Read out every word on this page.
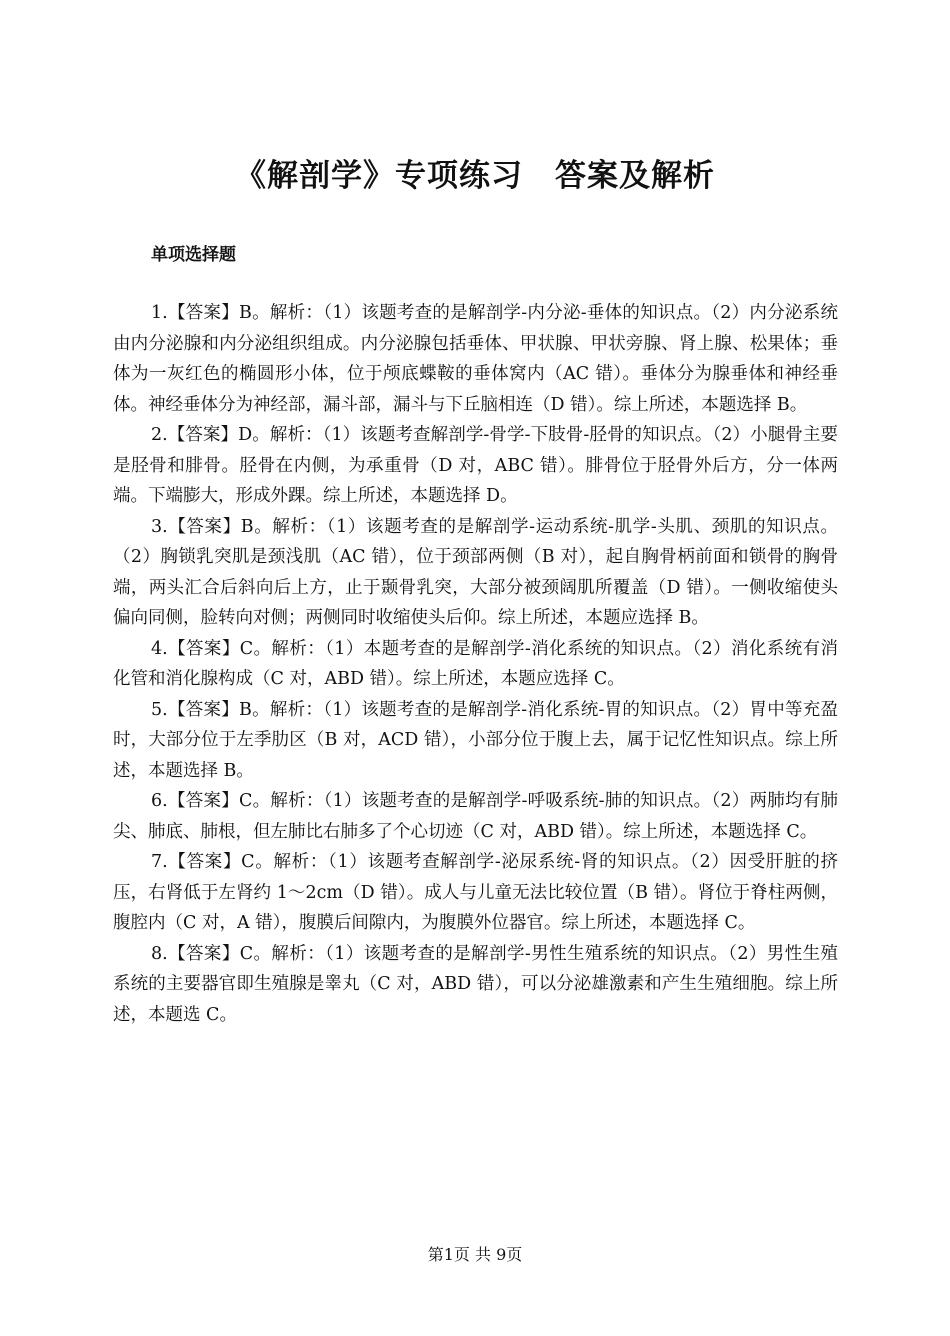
《解剖学》专项练习　答案及解析
单项选择题

1.【答案】B。解析：（1）该题考查的是解剖学-内分泌-垂体的知识点。（2）内分泌系统由内分泌腺和内分泌组织组成。内分泌腺包括垂体、甲状腺、甲状旁腺、肾上腺、松果体；垂体为一灰红色的椭圆形小体，位于颅底蝶鞍的垂体窝内（AC 错）。垂体分为腺垂体和神经垂体。神经垂体分为神经部，漏斗部，漏斗与下丘脑相连（D 错）。综上所述，本题选择 B。

2.【答案】D。解析：（1）该题考查解剖学-骨学-下肢骨-胫骨的知识点。（2）小腿骨主要是胫骨和腓骨。胫骨在内侧，为承重骨（D 对，ABC 错）。腓骨位于胫骨外后方，分一体两端。下端膨大，形成外踝。综上所述，本题选择 D。

3.【答案】B。解析：（1）该题考查的是解剖学-运动系统-肌学-头肌、颈肌的知识点。（2）胸锁乳突肌是颈浅肌（AC 错），位于颈部两侧（B 对），起自胸骨柄前面和锁骨的胸骨端，两头汇合后斜向后上方，止于颞骨乳突，大部分被颈阔肌所覆盖（D 错）。一侧收缩使头偏向同侧，脸转向对侧；两侧同时收缩使头后仰。综上所述，本题应选择 B。

4.【答案】C。解析：（1）本题考查的是解剖学-消化系统的知识点。（2）消化系统有消化管和消化腺构成（C 对，ABD 错）。综上所述，本题应选择 C。

5.【答案】B。解析：（1）该题考查的是解剖学-消化系统-胃的知识点。（2）胃中等充盈时，大部分位于左季肋区（B 对，ACD 错），小部分位于腹上去，属于记忆性知识点。综上所述，本题选择 B。

6.【答案】C。解析：（1）该题考查的是解剖学-呼吸系统-肺的知识点。（2）两肺均有肺尖、肺底、肺根，但左肺比右肺多了个心切迹（C 对，ABD 错）。综上所述，本题选择 C。

7.【答案】C。解析：（1）该题考查解剖学-泌尿系统-肾的知识点。（2）因受肝脏的挤压，右肾低于左肾约 1～2cm（D 错）。成人与儿童无法比较位置（B 错）。肾位于脊柱两侧，腹腔内（C 对，A 错），腹膜后间隙内，为腹膜外位器官。综上所述，本题选择 C。

8.【答案】C。解析：（1）该题考查的是解剖学-男性生殖系统的知识点。（2）男性生殖系统的主要器官即生殖腺是睾丸（C 对，ABD 错），可以分泌雄激素和产生生殖细胞。综上所述，本题选 C。

第1页 共 9页
